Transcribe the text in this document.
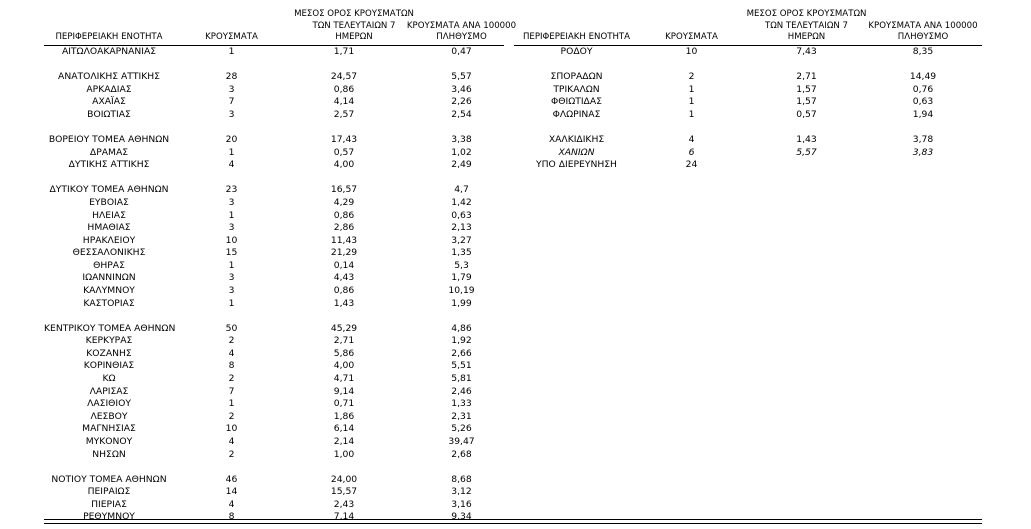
ΠΕΡΙΦΕΡΕΙΑΚΗ ΕΝΟΤΗΤΑ	ΚΡΟΥΣΜΑΤΑ
ΜΕΣΟΣ ΟΡΟΣ ΚΡΟΥΣΜΑΤΩΝ
ΤΩΝ ΤΕΛΕΥΤΑΙΩΝ 7
ΗΜΕΡΩΝ
ΚΡΟΥΣΜΑΤΑ ΑΝΑ 100000
ΠΛΗΘΥΣΜΟ
ΑΙΤΩΛΟΑΚΑΡΝΑΝΙΑΣ	1	1,71	0,47
ΑΝΑΤΟΛΙΚΗΣ ΑΤΤΙΚΗΣ	28	24,57	5,57
ΑΡΚΑΔΙΑΣ	3	0,86	3,46
ΑΧΑΪΑΣ	7	4,14	2,26
ΒΟΙΩΤΙΑΣ	3	2,57	2,54
ΒΟΡΕΙΟΥ ΤΟΜΕΑ ΑΘΗΝΩΝ	20	17,43	3,38
ΔΡΑΜΑΣ	1	0,57	1,02
ΔΥΤΙΚΗΣ ΑΤΤΙΚΗΣ	4	4,00	2,49
ΔΥΤΙΚΟΥ ΤΟΜΕΑ ΑΘΗΝΩΝ	23	16,57	4,7
ΕΥΒΟΙΑΣ	3	4,29	1,42
ΗΛΕΙΑΣ	1	0,86	0,63
ΗΜΑΘΙΑΣ	3	2,86	2,13
ΗΡΑΚΛΕΙΟΥ	10	11,43	3,27
ΘΕΣΣΑΛΟΝΙΚΗΣ	15	21,29	1,35
ΘΗΡΑΣ	1	0,14	5,3
ΙΩΑΝΝΙΝΩΝ	3	4,43	1,79
ΚΑΛΥΜΝΟΥ	3	0,86	10,19
ΚΑΣΤΟΡΙΑΣ	1	1,43	1,99
ΚΕΝΤΡΙΚΟΥ ΤΟΜΕΑ ΑΘΗΝΩΝ	50	45,29	4,86
ΚΕΡΚΥΡΑΣ	2	2,71	1,92
ΚΟΖΑΝΗΣ	4	5,86	2,66
ΚΟΡΙΝΘΙΑΣ	8	4,00	5,51
ΚΩ	2	4,71	5,81
ΛΑΡΙΣΑΣ	7	9,14	2,46
ΛΑΣΙΘΙΟΥ	1	0,71	1,33
ΛΕΣΒΟΥ	2	1,86	2,31
ΜΑΓΝΗΣΙΑΣ	10	6,14	5,26
ΜΥΚΟΝΟΥ	4	2,14	39,47
ΝΗΣΩΝ	2	1,00	2,68
ΝΟΤΙΟΥ ΤΟΜΕΑ ΑΘΗΝΩΝ	46	24,00	8,68
ΠΕΙΡΑΙΩΣ	14	15,57	3,12
ΠΙΕΡΙΑΣ	4	2,43	3,16
ΡΕΘΥΜΝΟΥ	8	7,14	9,34
ΠΕΡΙΦΕΡΕΙΑΚΗ ΕΝΟΤΗΤΑ	ΚΡΟΥΣΜΑΤΑ
ΜΕΣΟΣ ΟΡΟΣ ΚΡΟΥΣΜΑΤΩΝ
ΤΩΝ ΤΕΛΕΥΤΑΙΩΝ 7
ΗΜΕΡΩΝ
ΚΡΟΥΣΜΑΤΑ ΑΝΑ 100000
ΠΛΗΘΥΣΜΟ
ΡΟΔΟΥ	10	7,43	8,35
ΣΠΟΡΑΔΩΝ	2	2,71	14,49
ΤΡΙΚΑΛΩΝ	1	1,57	0,76
ΦΘΙΩΤΙΔΑΣ	1	1,57	0,63
ΦΛΩΡΙΝΑΣ	1	0,57	1,94
ΧΑΛΚΙΔΙΚΗΣ	4	1,43	3,78
ΧΑΝΙΩΝ	6	5,57	3,83
ΥΠΟ ΔΙΕΡΕΥΝΗΣΗ	24
